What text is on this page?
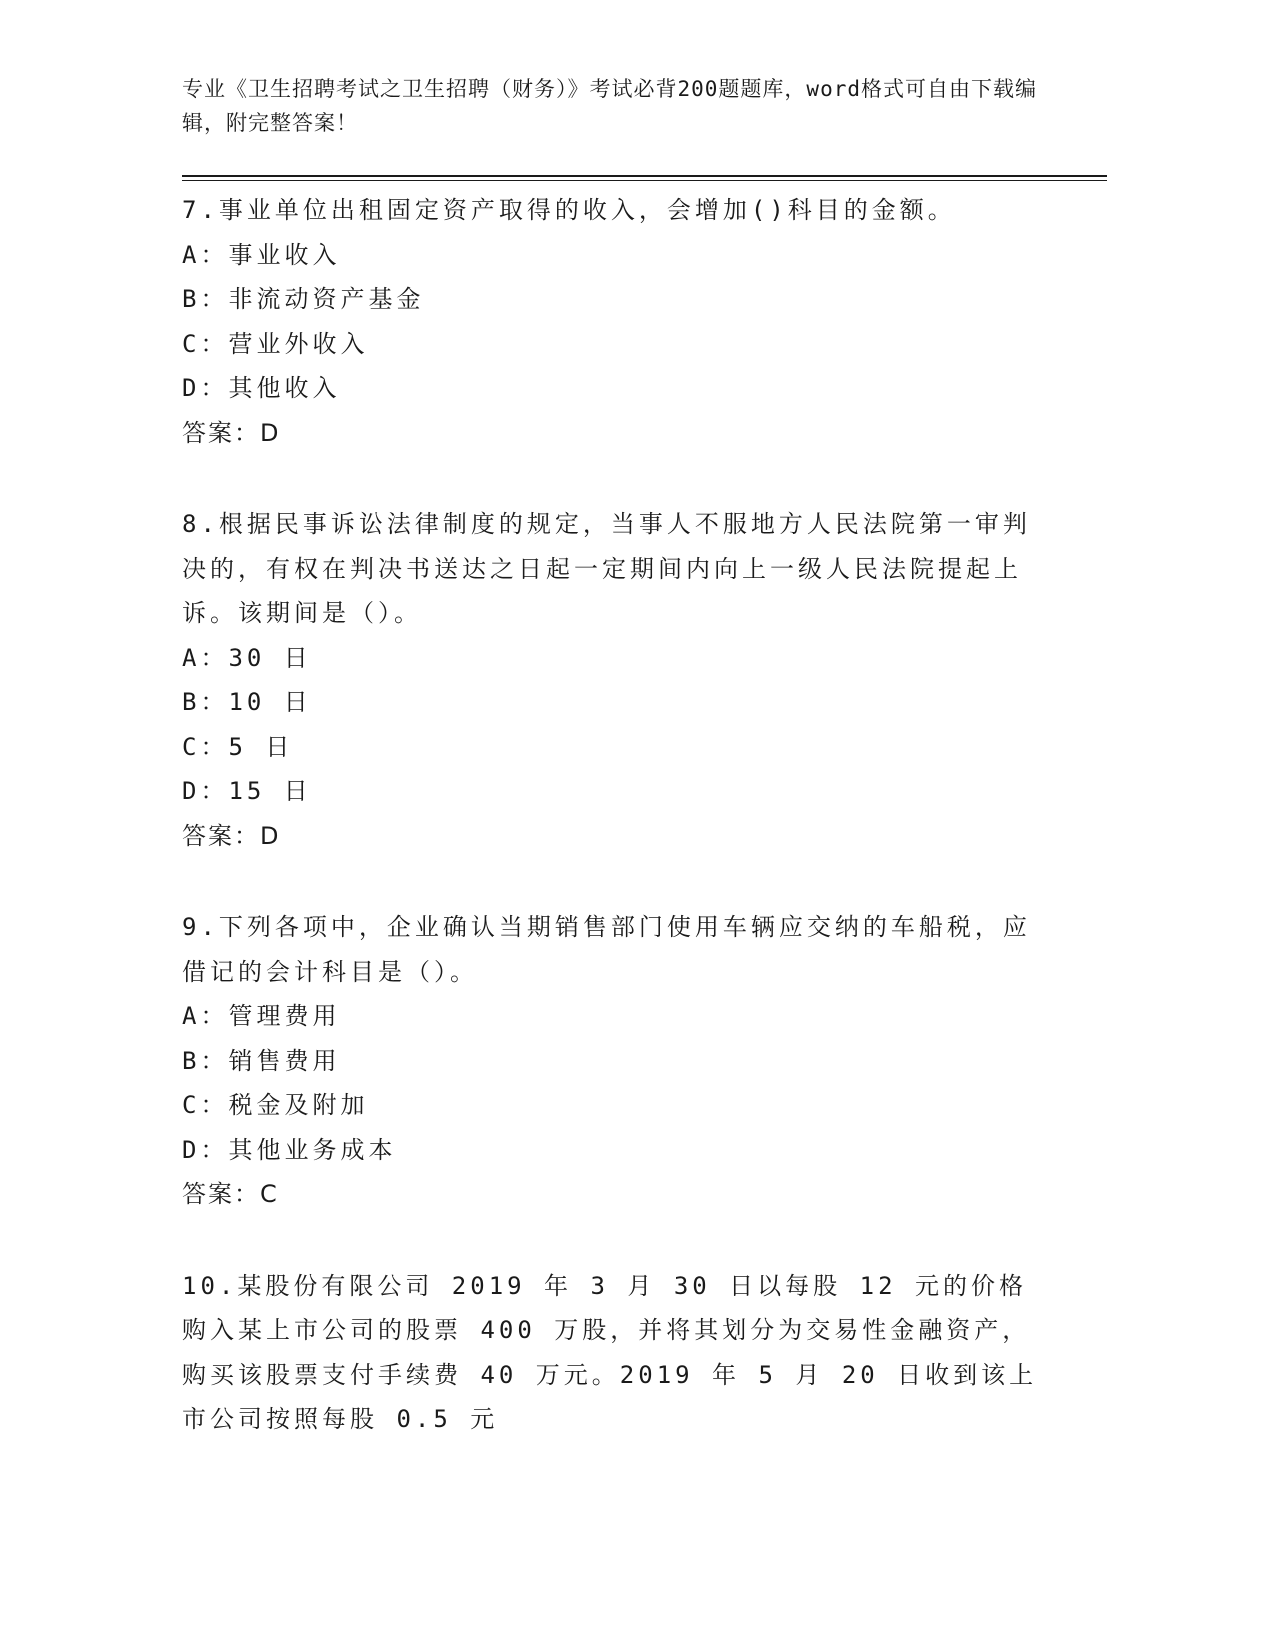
专业《卫生招聘考试之卫生招聘（财务）》考试必背200题题库，word格式可自由下载编辑，附完整答案！
7.事业单位出租固定资产取得的收入，会增加()科目的金额。
A：事业收入
B：非流动资产基金
C：营业外收入
D：其他收入
答案：D
8.根据民事诉讼法律制度的规定，当事人不服地方人民法院第一审判决的，有权在判决书送达之日起一定期间内向上一级人民法院提起上诉。该期间是（）。
A：30 日
B：10 日
C：5 日
D：15 日
答案：D
9.下列各项中，企业确认当期销售部门使用车辆应交纳的车船税，应借记的会计科目是（）。
A：管理费用
B：销售费用
C：税金及附加
D：其他业务成本
答案：C
10.某股份有限公司 2019 年 3 月 30 日以每股 12 元的价格购入某上市公司的股票 400 万股，并将其划分为交易性金融资产，购买该股票支付手续费 40 万元。2019 年 5 月 20 日收到该上市公司按照每股 0.5 元
